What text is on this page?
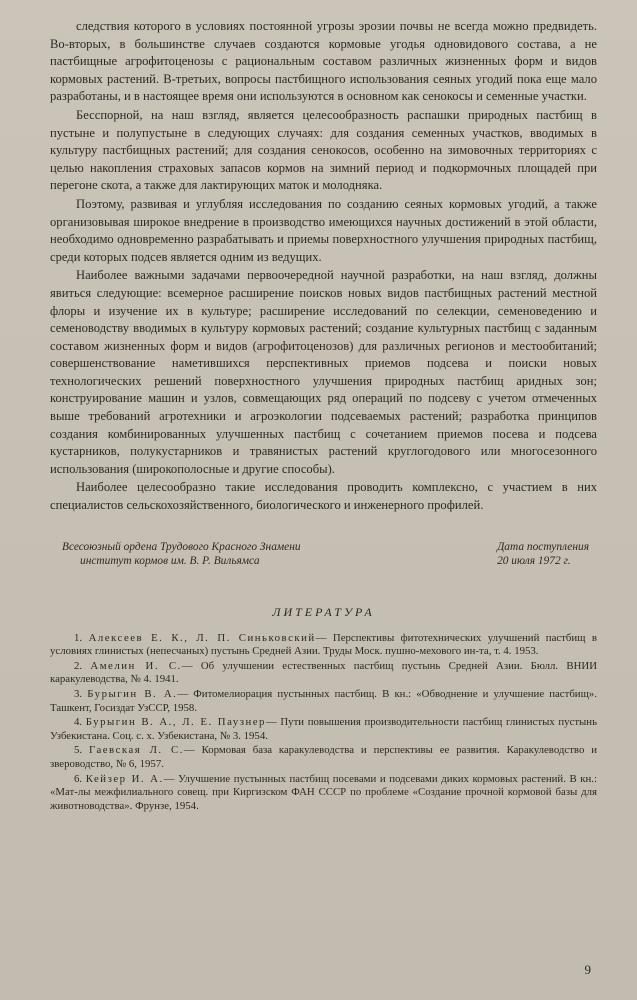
следствия которого в условиях постоянной угрозы эрозии почвы не всегда можно предвидеть. Во-вторых, в большинстве случаев создаются кормовые угодья одновидового состава, а не пастбищные агрофитоценозы с рациональным составом различных жизненных форм и видов кормовых растений. В-третьих, вопросы пастбищного использования сеяных угодий пока еще мало разработаны, и в настоящее время они используются в основном как сенокосы и семенные участки.

Бесспорной, на наш взгляд, является целесообразность распашки природных пастбищ в пустыне и полупустыне в следующих случаях: для создания семенных участков, вводимых в культуру пастбищных растений; для создания сенокосов, особенно на зимовочных территориях с целью накопления страховых запасов кормов на зимний период и подкормочных площадей при перегоне скота, а также для лактирующих маток и молодняка.

Поэтому, развивая и углубляя исследования по созданию сеяных кормовых угодий, а также организовывая широкое внедрение в производство имеющихся научных достижений в этой области, необходимо одновременно разрабатывать и приемы поверхностного улучшения природных пастбищ, среди которых подсев является одним из ведущих.

Наиболее важными задачами первоочередной научной разработки, на наш взгляд, должны явиться следующие: всемерное расширение поисков новых видов пастбищных растений местной флоры и изучение их в культуре; расширение исследований по селекции, семеноведению и семеноводству вводимых в культуру кормовых растений; создание культурных пастбищ с заданным составом жизненных форм и видов (агрофитоценозов) для различных регионов и местообитаний; совершенствование наметившихся перспективных приемов подсева и поиски новых технологических решений поверхностного улучшения природных пастбищ аридных зон; конструирование машин и узлов, совмещающих ряд операций по подсеву с учетом отмеченных выше требований агротехники и агроэкологии подсеваемых растений; разработка принципов создания комбинированных улучшенных пастбищ с сочетанием приемов посева и подсева кустарников, полукустарников и травянистых растений круглогодового или многосезонного использования (широкополосные и другие способы).

Наиболее целесообразно такие исследования проводить комплексно, с участием в них специалистов сельскохозяйственного, биологического и инженерного профилей.

Всесоюзный ордена Трудового Красного Знамени
институт кормов им. В. Р. Вильямса
Дата поступления
20 июля 1972 г.
ЛИТЕРАТУРА

1. Алексеев Е. К., Л. П. Синьковский— Перспективы фитотехнических улучшений пастбищ в условиях глинистых (непесчаных) пустынь Средней Азии. Труды Моск. пушно-мехового ин-та, т. 4. 1953.

2. Амелин И. С.— Об улучшении естественных пастбищ пустынь Средней Азии. Бюлл. ВНИИ каракулеводства, № 4. 1941.

3. Бурыгин В. А.— Фитомелиорация пустынных пастбищ. В кн.: «Обводнение и улучшение пастбищ». Ташкент, Госиздат УзССР, 1958.

4. Бурыгин В. А., Л. Е. Паузнер— Пути повышения производительности пастбищ глинистых пустынь Узбекистана. Соц. с. х. Узбекистана, № 3. 1954.

5. Гаевская Л. С.— Кормовая база каракулеводства и перспективы ее развития. Каракулеводство и звероводство, № 6, 1957.

6. Кейзер И. А.— Улучшение пустынных пастбищ посевами и подсевами диких кормовых растений. В кн.: «Мат-лы межфилиального совещ. при Киргизском ФАН СССР по проблеме «Создание прочной кормовой базы для животноводства». Фрунзе, 1954.

9
